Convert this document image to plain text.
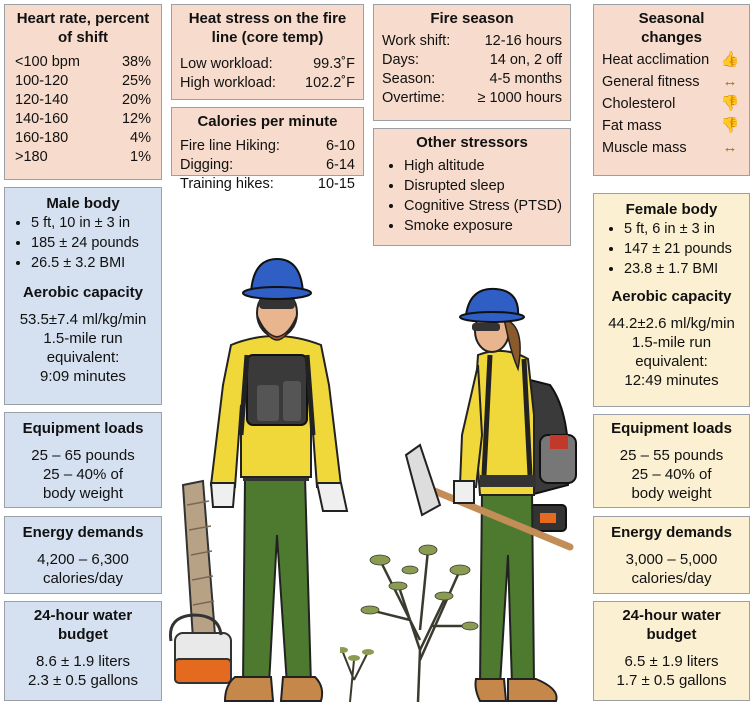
Heart rate, percent of shift
<100 bpm	38%
100-120	25%
120-140	20%
140-160	12%
160-180	4%
>180	1%
Heat stress on the fire line (core temp)
Low workload:	99.3˚F
High workload: 102.2˚F
Calories per minute
Fire line Hiking:	6-10
Digging:	6-14
Training hikes:	10-15
Fire season
Work shift: 12-16 hours
Days:	14 on, 2 off
Season:	4-5 months
Overtime: ≥ 1000 hours
Other stressors
• High altitude
• Disrupted sleep
• Cognitive Stress (PTSD)
• Smoke exposure
Seasonal changes
Heat acclimation 👍
General fitness ↔
Cholesterol	👎
Fat mass	👎
Muscle mass ↔
Male body
• 5 ft, 10 in ± 3 in
• 185 ± 24 pounds
• 26.5 ± 3.2 BMI
Aerobic capacity
53.5±7.4 ml/kg/min
1.5-mile run
equivalent:
9:09 minutes
Equipment loads
25 – 65 pounds
25 – 40% of
body weight
Energy demands
4,200 – 6,300
calories/day
24-hour water budget
8.6 ± 1.9 liters
2.3 ± 0.5 gallons
Female body
• 5 ft, 6 in ± 3 in
• 147 ± 21 pounds
• 23.8 ± 1.7 BMI
Aerobic capacity
44.2±2.6 ml/kg/min
1.5-mile run
equivalent:
12:49 minutes
Equipment loads
25 – 55 pounds
25 – 40% of
body weight
Energy demands
3,000 – 5,000
calories/day
24-hour water budget
6.5 ± 1.9 liters
1.7 ± 0.5 gallons
